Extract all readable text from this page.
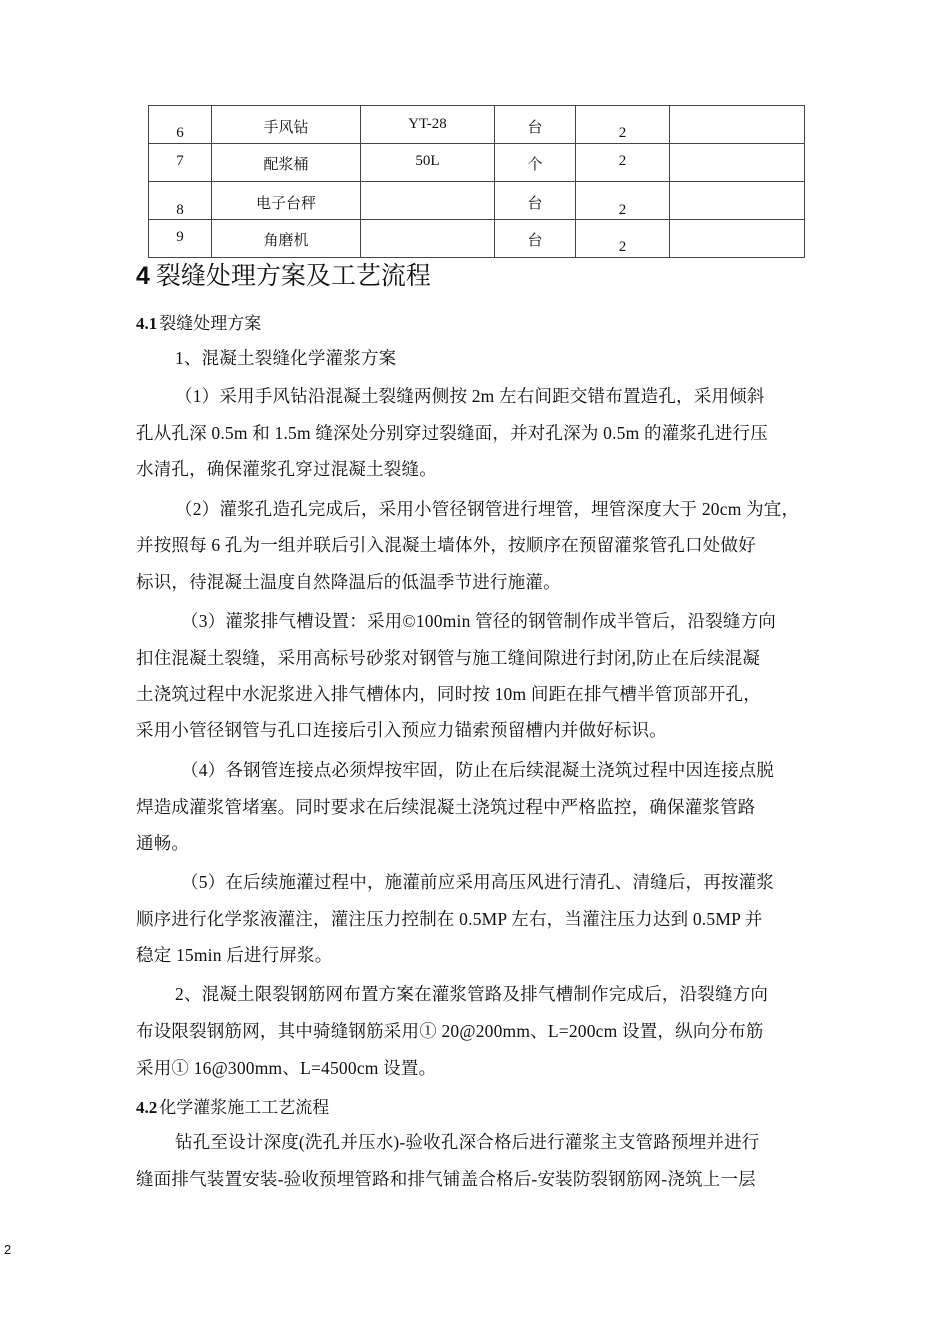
6	手风钻	YT-28	台	2	

7	配浆桶	50L	个	2	

8	电子台秤		台	2	

9	角磨机		台	2	

4 裂缝处理方案及工艺流程
4.1 裂缝处理方案
1、混凝土裂缝化学灌浆方案
（1）采用手风钻沿混凝土裂缝两侧按 2m 左右间距交错布置造孔，采用倾斜
孔从孔深 0.5m 和 1.5m 缝深处分别穿过裂缝面，并对孔深为 0.5m 的灌浆孔进行压
水清孔，确保灌浆孔穿过混凝土裂缝。
（2）灌浆孔造孔完成后，采用小管径钢管进行埋管，埋管深度大于 20cm 为宜，
并按照每 6 孔为一组并联后引入混凝土墙体外，按顺序在预留灌浆管孔口处做好
标识，待混凝土温度自然降温后的低温季节进行施灌。
（3）灌浆排气槽设置：采用©100min 管径的钢管制作成半管后，沿裂缝方向
扣住混凝土裂缝，采用高标号砂浆对钢管与施工缝间隙进行封闭,防止在后续混凝
土浇筑过程中水泥浆进入排气槽体内，同时按 10m 间距在排气槽半管顶部开孔，
采用小管径钢管与孔口连接后引入预应力锚索预留槽内并做好标识。
（4）各钢管连接点必须焊按牢固，防止在后续混凝土浇筑过程中因连接点脱
焊造成灌浆管堵塞。同时要求在后续混凝土浇筑过程中严格监控，确保灌浆管路
通畅。
（5）在后续施灌过程中，施灌前应采用高压风进行清孔、清缝后，再按灌浆
顺序进行化学浆液灌注，灌注压力控制在 0.5MP 左右，当灌注压力达到 0.5MP 并
稳定 15min 后进行屏浆。
2、混凝土限裂钢筋网布置方案在灌浆管路及排气槽制作完成后，沿裂缝方向
布设限裂钢筋网，其中骑缝钢筋采用① 20@200mm、L=200cm 设置，纵向分布筋
采用① 16@300mm、L=4500cm 设置。
4.2 化学灌浆施工工艺流程
钻孔至设计深度(洗孔并压水)-验收孔深合格后进行灌浆主支管路预埋并进行
缝面排气装置安装-验收预埋管路和排气铺盖合格后-安装防裂钢筋网-浇筑上一层
2
